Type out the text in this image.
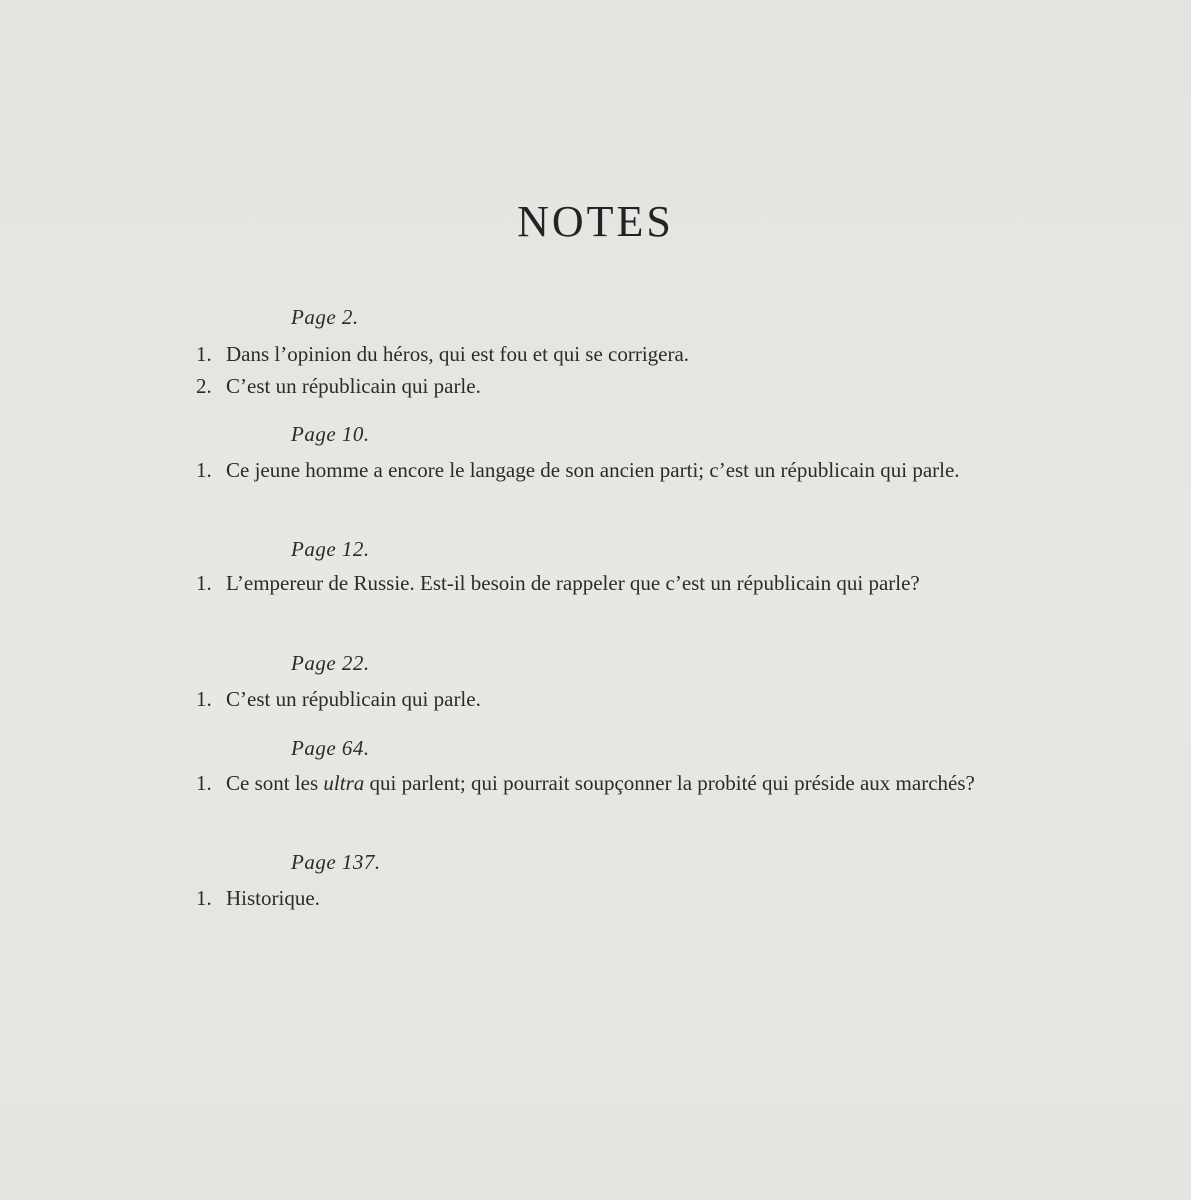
NOTES
Page 2.
1. Dans l’opinion du héros, qui est fou et qui se corrigera.
2. C’est un républicain qui parle.
Page 10.
1. Ce jeune homme a encore le langage de son ancien parti; c’est un républicain qui parle.
Page 12.
1. L’empereur de Russie. Est-il besoin de rappeler que c’est un républicain qui parle?
Page 22.
1. C’est un républicain qui parle.
Page 64.
1. Ce sont les ultra qui parlent; qui pourrait soupçonner la probité qui préside aux marchés?
Page 137.
1. Historique.
